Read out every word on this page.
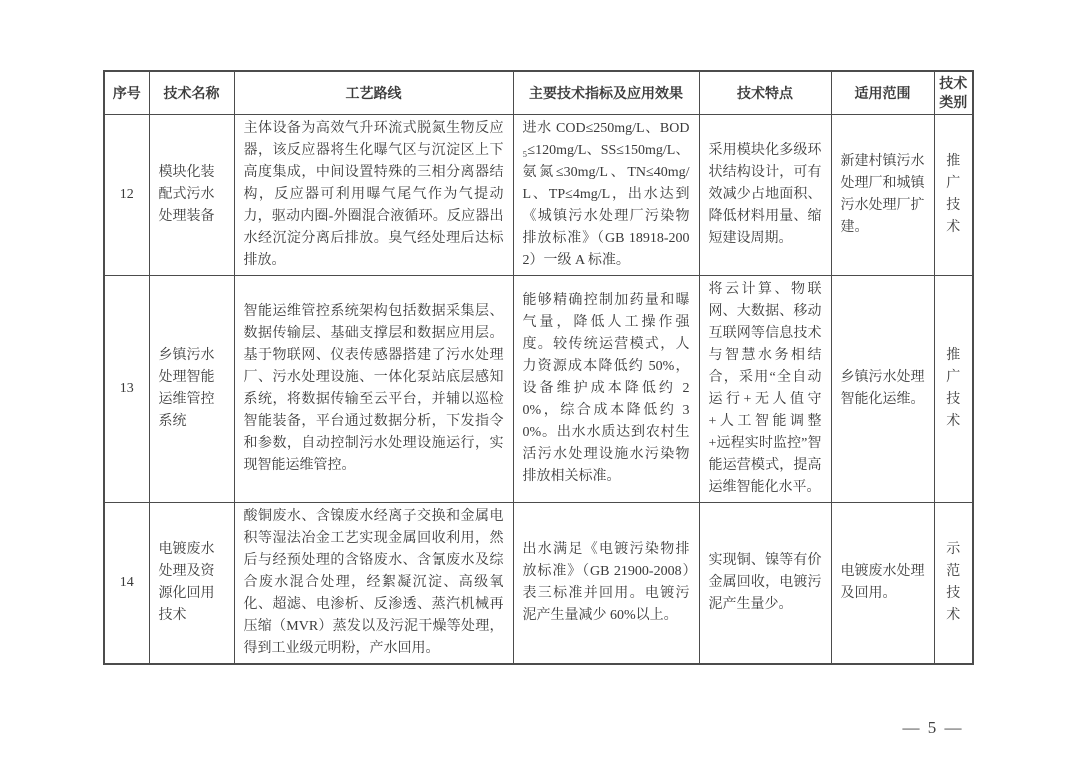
序号	技术名称	工艺路线	主要技术指标及应用效果	技术特点	适用范围	技术类别
12	模块化装配式污水处理装备	主体设备为高效气升环流式脱氮生物反应器，该反应器将生化曝气区与沉淀区上下高度集成，中间设置特殊的三相分离器结构，反应器可利用曝气尾气作为气提动力，驱动内圈-外圈混合液循环。反应器出水经沉淀分离后排放。臭气经处理后达标排放。	进水 COD≤250mg/L、BOD₅≤120mg/L、SS≤150mg/L、氨氮≤30mg/L、TN≤40mg/L、TP≤4mg/L，出水达到《城镇污水处理厂污染物排放标准》（GB 18918-2002）一级 A 标准。	采用模块化多级环状结构设计，可有效减少占地面积、降低材料用量、缩短建设周期。	新建村镇污水处理厂和城镇污水处理厂扩建。	推广技术
13	乡镇污水处理智能运维管控系统	智能运维管控系统架构包括数据采集层、数据传输层、基础支撑层和数据应用层。基于物联网、仪表传感器搭建了污水处理厂、污水处理设施、一体化泵站底层感知系统，将数据传输至云平台，并辅以巡检智能装备，平台通过数据分析，下发指令和参数，自动控制污水处理设施运行，实现智能运维管控。	能够精确控制加药量和曝气量，降低人工操作强度。较传统运营模式，人力资源成本降低约 50%，设备维护成本降低约 20%，综合成本降低约 30%。出水水质达到农村生活污水处理设施水污染物排放相关标准。	将云计算、物联网、大数据、移动互联网等信息技术与智慧水务相结合，采用“全自动运行+无人值守+人工智能调整+远程实时监控”智能运营模式，提高运维智能化水平。	乡镇污水处理智能化运维。	推广技术
14	电镀废水处理及资源化回用技术	酸铜废水、含镍废水经离子交换和金属电积等湿法冶金工艺实现金属回收利用，然后与经预处理的含铬废水、含氰废水及综合废水混合处理，经絮凝沉淀、高级氧化、超滤、电渗析、反渗透、蒸汽机械再压缩（MVR）蒸发以及污泥干燥等处理，得到工业级元明粉，产水回用。	出水满足《电镀污染物排放标准》（GB 21900-2008）表三标准并回用。电镀污泥产生量减少 60%以上。	实现铜、镍等有价金属回收，电镀污泥产生量少。	电镀废水处理及回用。	示范技术
— 5 —
